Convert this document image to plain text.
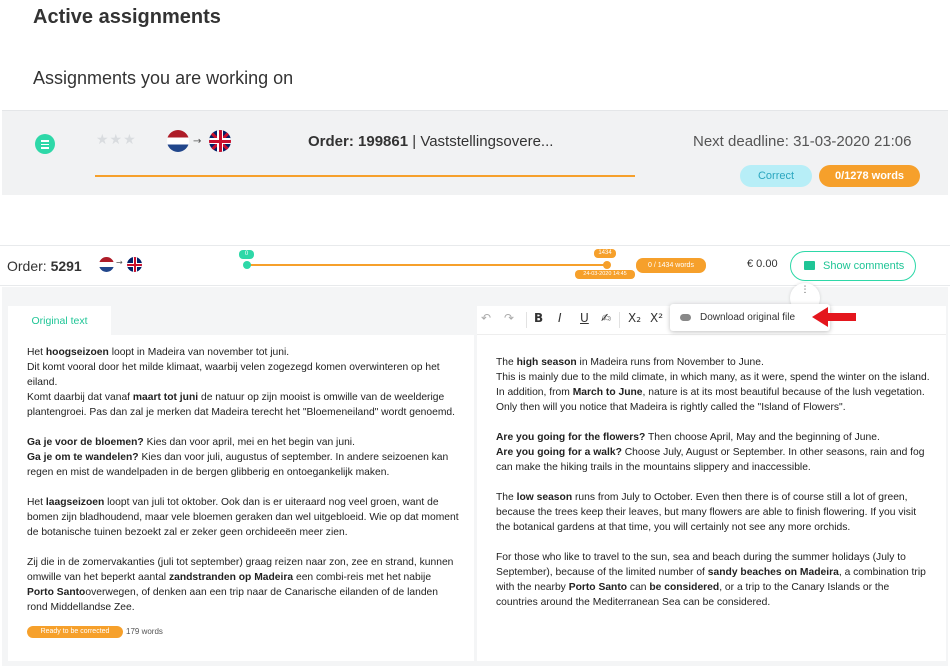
Active assignments
Assignments you are working on
★★★	→	Order: 199861 | Vaststellingsovere...	Next deadline: 31-03-2020 21:06
Correct	0/1278 words
Order: 5291	→
0	1434
24-03-2020 14:45
0 / 1434 words	€ 0.00	Show comments
⋮
Original text

Het hoogseizoen loopt in Madeira van november tot juni.
Dit komt vooral door het milde klimaat, waarbij velen zogezegd komen overwinteren op het eiland.
Komt daarbij dat vanaf maart tot juni de natuur op zijn mooist is omwille van de weelderige plantengroei. Pas dan zal je merken dat Madeira terecht het "Bloemeneiland" wordt genoemd.

Ga je voor de bloemen? Kies dan voor april, mei en het begin van juni.
Ga je om te wandelen? Kies dan voor juli, augustus of september. In andere seizoenen kan regen en mist de wandelpaden in de bergen glibberig en ontoegankelijk maken.

Het laagseizoen loopt van juli tot oktober. Ook dan is er uiteraard nog veel groen, want de bomen zijn bladhoudend, maar vele bloemen geraken dan wel uitgebloeid. Wie op dat moment de botanische tuinen bezoekt zal er zeker geen orchideeën meer zien.

Zij die in de zomervakanties (juli tot september) graag reizen naar zon, zee en strand, kunnen omwille van het beperkt aantal zandstranden op Madeira een combi-reis met het nabije Porto Santooverwegen, of denken aan een trip naar de Canarische eilanden of de landen rond Middellandse Zee.

Ready to be corrected	179 words
↶ ↷ B I U ✍ X₂ X²

The high season in Madeira runs from November to June.
This is mainly due to the mild climate, in which many, as it were, spend the winter on the island.
In addition, from March to June, nature is at its most beautiful because of the lush vegetation. Only then will you notice that Madeira is rightly called the "Island of Flowers".

Are you going for the flowers? Then choose April, May and the beginning of June.
Are you going for a walk? Choose July, August or September. In other seasons, rain and fog can make the hiking trails in the mountains slippery and inaccessible.

The low season runs from July to October. Even then there is of course still a lot of green, because the trees keep their leaves, but many flowers are able to finish flowering. If you visit the botanical gardens at that time, you will certainly not see any more orchids.

For those who like to travel to the sun, sea and beach during the summer holidays (July to September), because of the limited number of sandy beaches on Madeira, a combination trip with the nearby Porto Santo can be considered, or a trip to the Canary Islands or the countries around the Mediterranean Sea can be considered.

Download original file
